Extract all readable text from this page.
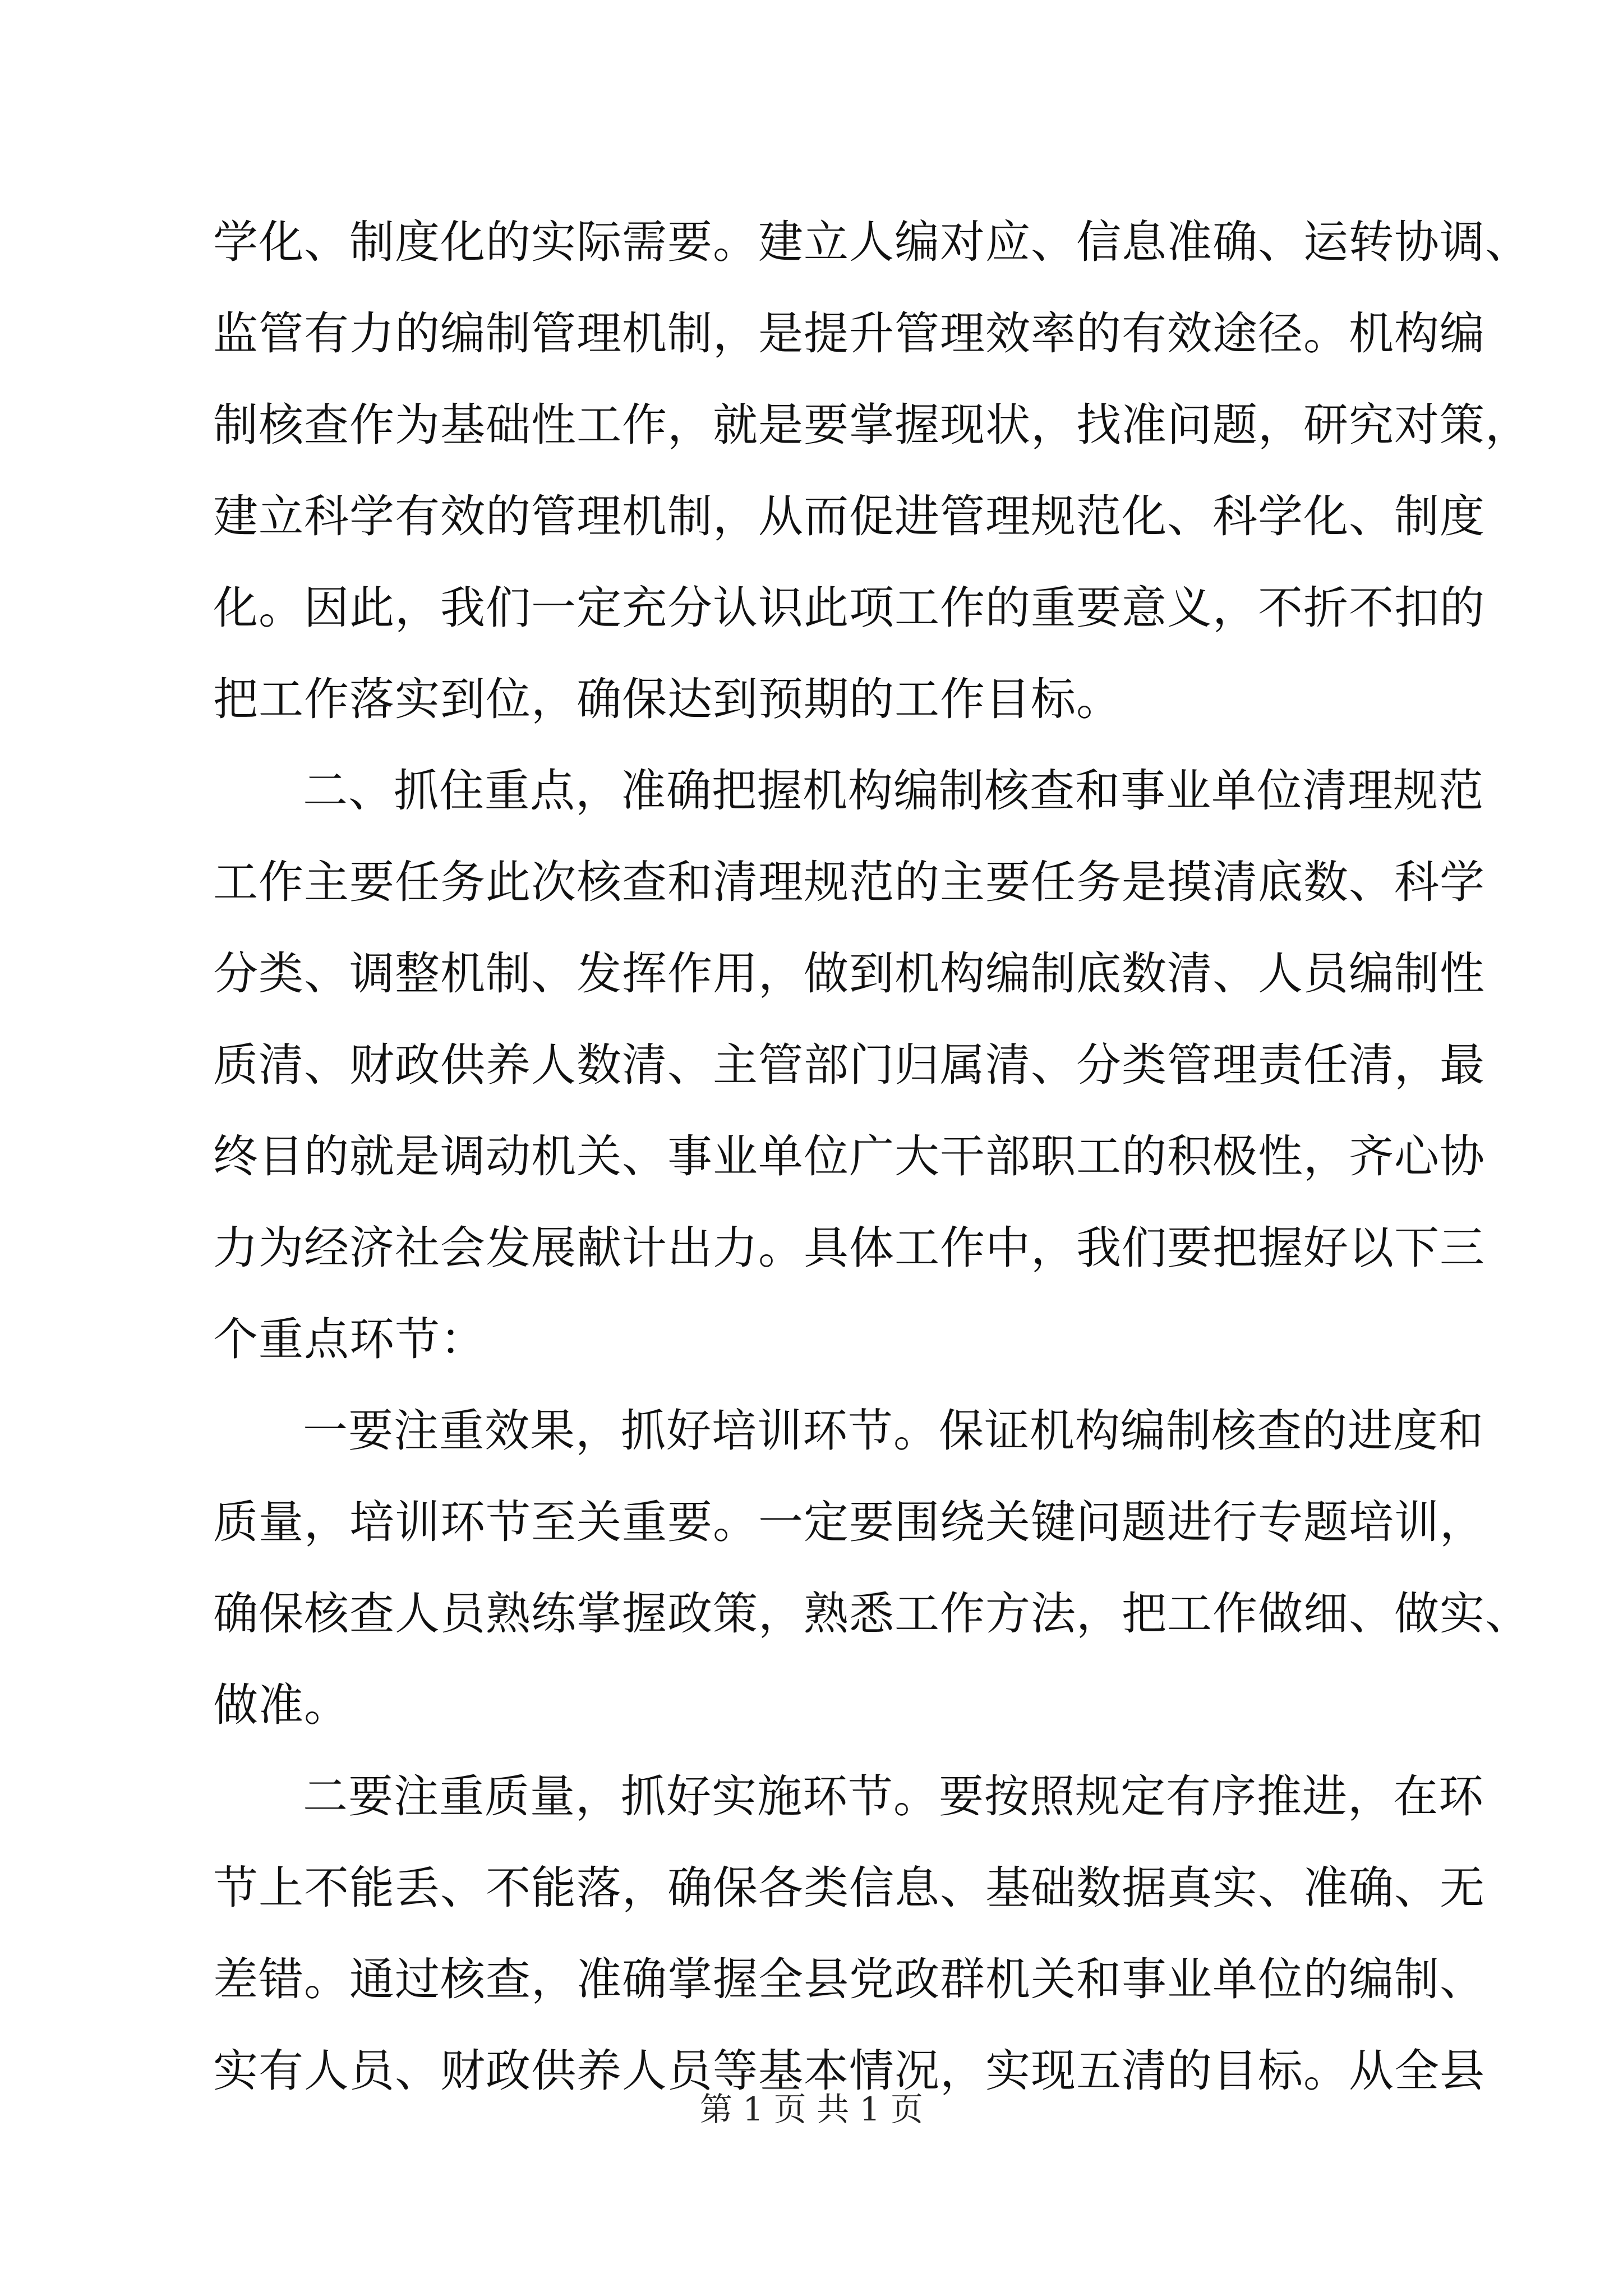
学化、制度化的实际需要。建立人编对应、信息准确、运转协调、
监管有力的编制管理机制，是提升管理效率的有效途径。机构编
制核查作为基础性工作，就是要掌握现状，找准问题，研究对策，
建立科学有效的管理机制，从而促进管理规范化、科学化、制度
化。因此，我们一定充分认识此项工作的重要意义，不折不扣的
把工作落实到位，确保达到预期的工作目标。
二、抓住重点，准确把握机构编制核查和事业单位清理规范
工作主要任务此次核查和清理规范的主要任务是摸清底数、科学
分类、调整机制、发挥作用，做到机构编制底数清、人员编制性
质清、财政供养人数清、主管部门归属清、分类管理责任清，最
终目的就是调动机关、事业单位广大干部职工的积极性，齐心协
力为经济社会发展献计出力。具体工作中，我们要把握好以下三
个重点环节：
一要注重效果，抓好培训环节。保证机构编制核查的进度和
质量，培训环节至关重要。一定要围绕关键问题进行专题培训，
确保核查人员熟练掌握政策，熟悉工作方法，把工作做细、做实、
做准。
二要注重质量，抓好实施环节。要按照规定有序推进，在环
节上不能丢、不能落，确保各类信息、基础数据真实、准确、无
差错。通过核查，准确掌握全县党政群机关和事业单位的编制、
实有人员、财政供养人员等基本情况，实现五清的目标。从全县
第 1 页 共 1 页
